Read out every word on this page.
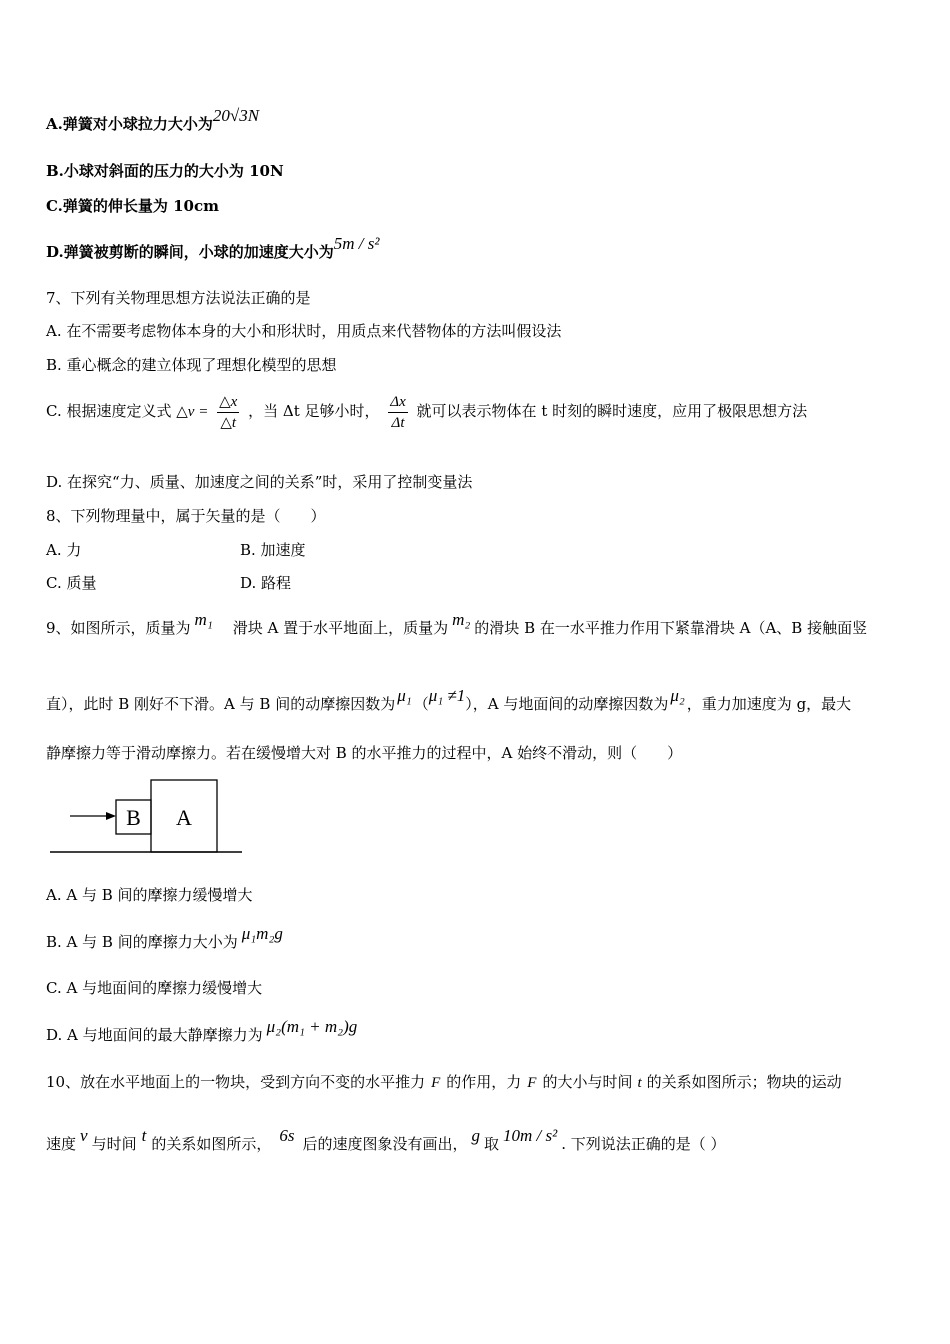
A.弹簧对小球拉力大小为20√3N
B.小球对斜面的压力的大小为 10N
C.弹簧的伸长量为 10cm
D.弹簧被剪断的瞬间，小球的加速度大小为5m / s²
7、下列有关物理思想方法说法正确的是
A. 在不需要考虑物体本身的大小和形状时，用质点来代替物体的方法叫假设法
B. 重心概念的建立体现了理想化模型的思想
C. 根据速度定义式 △v = $\frac{\triangle x}{\triangle t}$ ，当 Δt 足够小时， $\frac{\Delta x}{\Delta t}$ 就可以表示物体在 t 时刻的瞬时速度，应用了极限思想方法
D. 在探究“力、质量、加速度之间的关系”时，采用了控制变量法
8、下列物理量中，属于矢量的是（　　）
A. 力	B. 加速度
C. 质量	D. 路程
9、如图所示，质量为 m₁ 滑块 A 置于水平地面上，质量为 m₂ 的滑块 B 在一水平推力作用下紧靠滑块 A（A、B 接触面竖
直），此时 B 刚好不下滑。A 与 B 间的动摩擦因数为 μ₁ （μ₁ ≠1），A 与地面间的动摩擦因数为 μ₂ ，重力加速度为 g，最大
静摩擦力等于滑动摩擦力。若在缓慢增大对 B 的水平推力的过程中，A 始终不滑动，则（　　）
B A
A. A 与 B 间的摩擦力缓慢增大
B. A 与 B 间的摩擦力大小为 μ₁m₂g
C. A 与地面间的摩擦力缓慢增大
D. A 与地面间的最大静摩擦力为 μ₂(m₁ + m₂)g
10、放在水平地面上的一物块，受到方向不变的水平推力 F 的作用，力 F 的大小与时间 t 的关系如图所示；物块的运动
速度 v 与时间 t 的关系如图所示， 6s 后的速度图象没有画出， g 取 10m / s² . 下列说法正确的是（ ）
